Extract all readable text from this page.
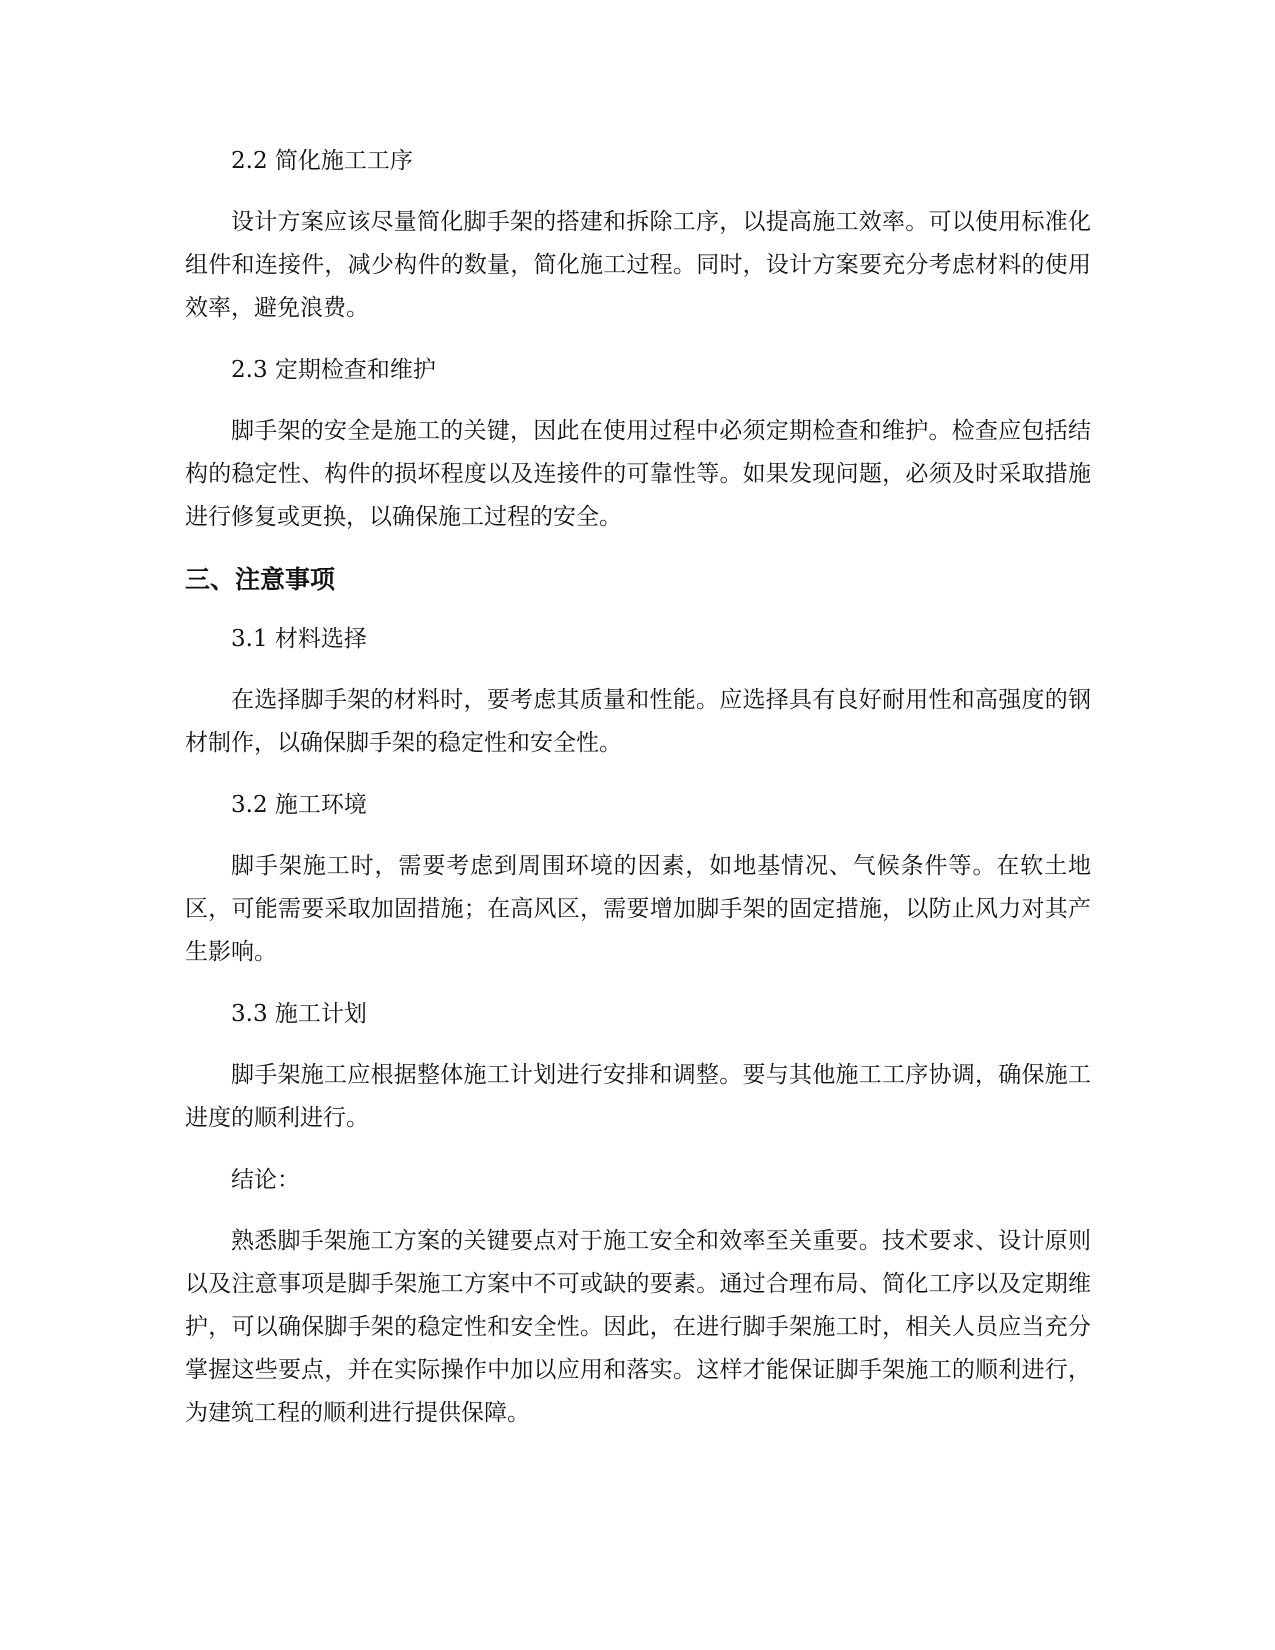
2.2 简化施工工序

设计方案应该尽量简化脚手架的搭建和拆除工序，以提高施工效率。可以使用标准化组件和连接件，减少构件的数量，简化施工过程。同时，设计方案要充分考虑材料的使用效率，避免浪费。

2.3 定期检查和维护

脚手架的安全是施工的关键，因此在使用过程中必须定期检查和维护。检查应包括结构的稳定性、构件的损坏程度以及连接件的可靠性等。如果发现问题，必须及时采取措施进行修复或更换，以确保施工过程的安全。

三、注意事项

3.1 材料选择

在选择脚手架的材料时，要考虑其质量和性能。应选择具有良好耐用性和高强度的钢材制作，以确保脚手架的稳定性和安全性。

3.2 施工环境

脚手架施工时，需要考虑到周围环境的因素，如地基情况、气候条件等。在软土地区，可能需要采取加固措施；在高风区，需要增加脚手架的固定措施，以防止风力对其产生影响。

3.3 施工计划

脚手架施工应根据整体施工计划进行安排和调整。要与其他施工工序协调，确保施工进度的顺利进行。

结论：

熟悉脚手架施工方案的关键要点对于施工安全和效率至关重要。技术要求、设计原则以及注意事项是脚手架施工方案中不可或缺的要素。通过合理布局、简化工序以及定期维护，可以确保脚手架的稳定性和安全性。因此，在进行脚手架施工时，相关人员应当充分掌握这些要点，并在实际操作中加以应用和落实。这样才能保证脚手架施工的顺利进行，为建筑工程的顺利进行提供保障。
